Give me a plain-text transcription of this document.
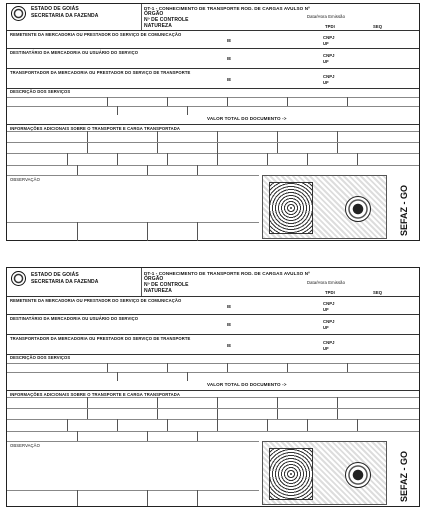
ESTADO DE GOIÁS
SECRETARIA DA FAZENDA
DT-1 - CONHECIMENTO DE TRANSPORTE ROD. DE CARGAS AVULSO Nº
ÓRGÃO
Nº DE CONTROLE
NATUREZA
Data/Hora Emissão
TPDI	SEQ
REMETENTE DA MERCADORIA OU PRESTADOR DO SERVIÇO DE COMUNICAÇÃO
IE
CNPJ
UF
DESTINATÁRIO DA MERCADORIA OU USUÁRIO DO SERVIÇO
IE
CNPJ
UF
TRANSPORTADOR DA MERCADORIA OU PRESTADOR DO SERVIÇO DE TRANSPORTE
IE
CNPJ
UF
DESCRIÇÃO DOS SERVIÇOS
VALOR TOTAL DO DOCUMENTO ->
INFORMAÇÕES ADICIONAIS SOBRE O TRANSPORTE E CARGA TRANSPORTADA
OBSERVAÇÃO
SEFAZ - GO
ESTADO DE GOIÁS
SECRETARIA DA FAZENDA
DT-1 - CONHECIMENTO DE TRANSPORTE ROD. DE CARGAS AVULSO Nº
ÓRGÃO
Nº DE CONTROLE
NATUREZA
Data/Hora Emissão
TPDI	SEQ
REMETENTE DA MERCADORIA OU PRESTADOR DO SERVIÇO DE COMUNICAÇÃO
IE
CNPJ
UF
DESTINATÁRIO DA MERCADORIA OU USUÁRIO DO SERVIÇO
IE
CNPJ
UF
TRANSPORTADOR DA MERCADORIA OU PRESTADOR DO SERVIÇO DE TRANSPORTE
IE
CNPJ
UF
DESCRIÇÃO DOS SERVIÇOS
VALOR TOTAL DO DOCUMENTO ->
INFORMAÇÕES ADICIONAIS SOBRE O TRANSPORTE E CARGA TRANSPORTADA
OBSERVAÇÃO
SEFAZ - GO
